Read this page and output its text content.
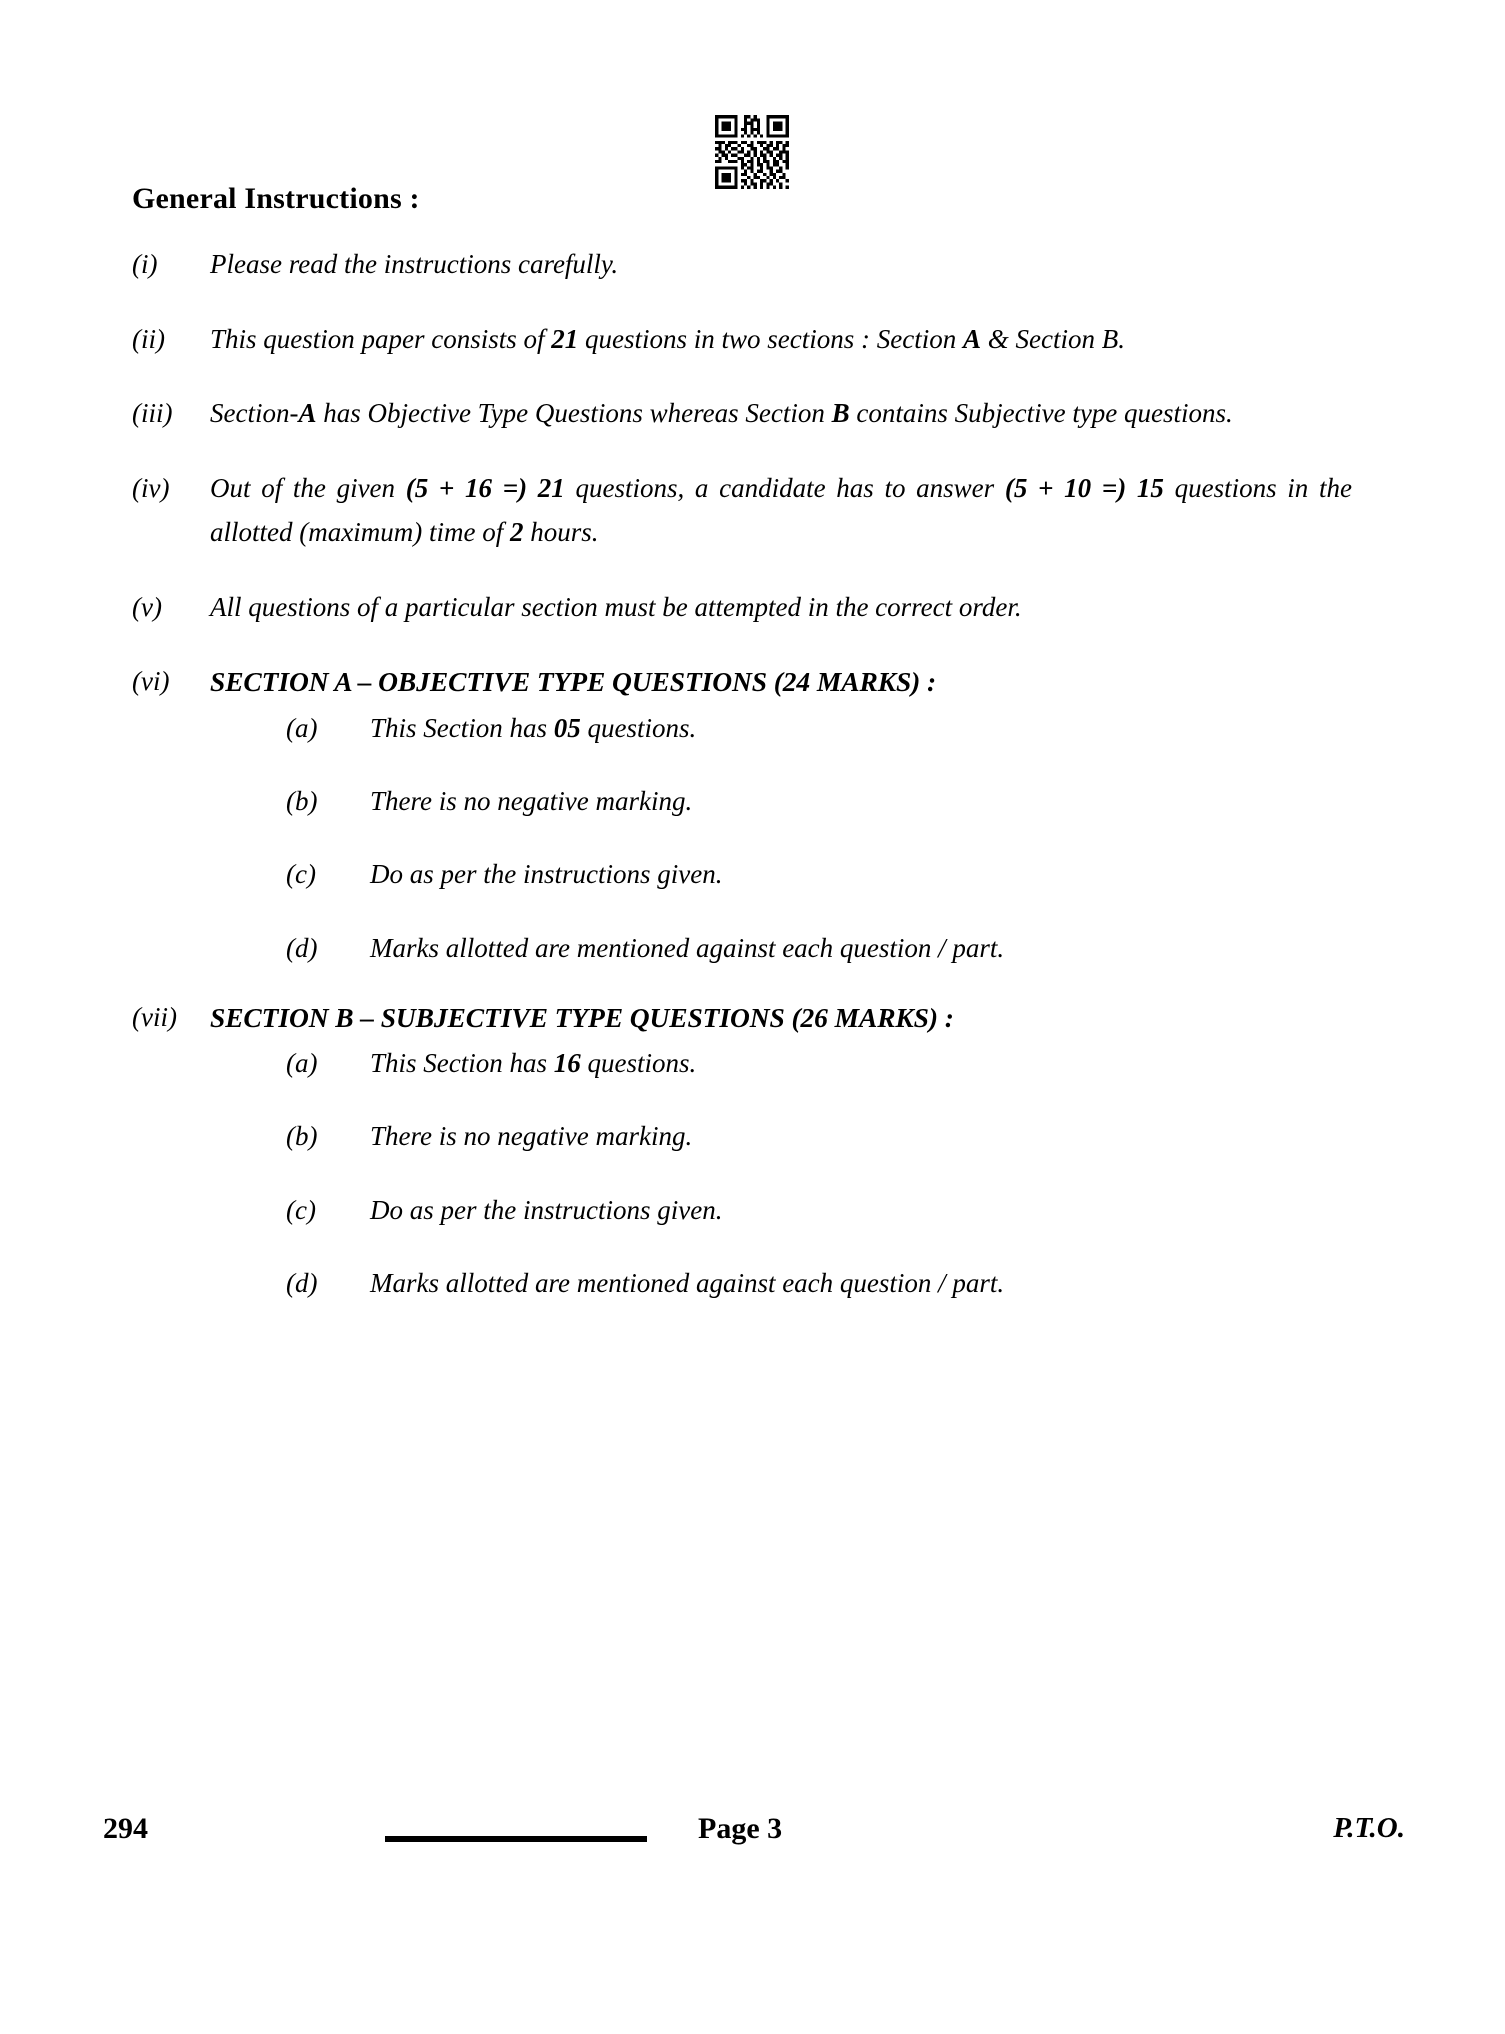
General Instructions :
(i)	Please read the instructions carefully.
(ii)	This question paper consists of 21 questions in two sections : Section A & Section B.
(iii)	Section-A has Objective Type Questions whereas Section B contains Subjective type questions.
(iv)	Out of the given (5 + 16 =) 21 questions, a candidate has to answer (5 + 10 =) 15 questions in the allotted (maximum) time of 2 hours.
(v)	All questions of a particular section must be attempted in the correct order.
(vi)	SECTION A – OBJECTIVE TYPE QUESTIONS (24 MARKS) :
(a)	This Section has 05 questions.
(b)	There is no negative marking.
(c)	Do as per the instructions given.
(d)	Marks allotted are mentioned against each question / part.
(vii)	SECTION B – SUBJECTIVE TYPE QUESTIONS (26 MARKS) :
(a)	This Section has 16 questions.
(b)	There is no negative marking.
(c)	Do as per the instructions given.
(d)	Marks allotted are mentioned against each question / part.
294	Page 3	P.T.O.
